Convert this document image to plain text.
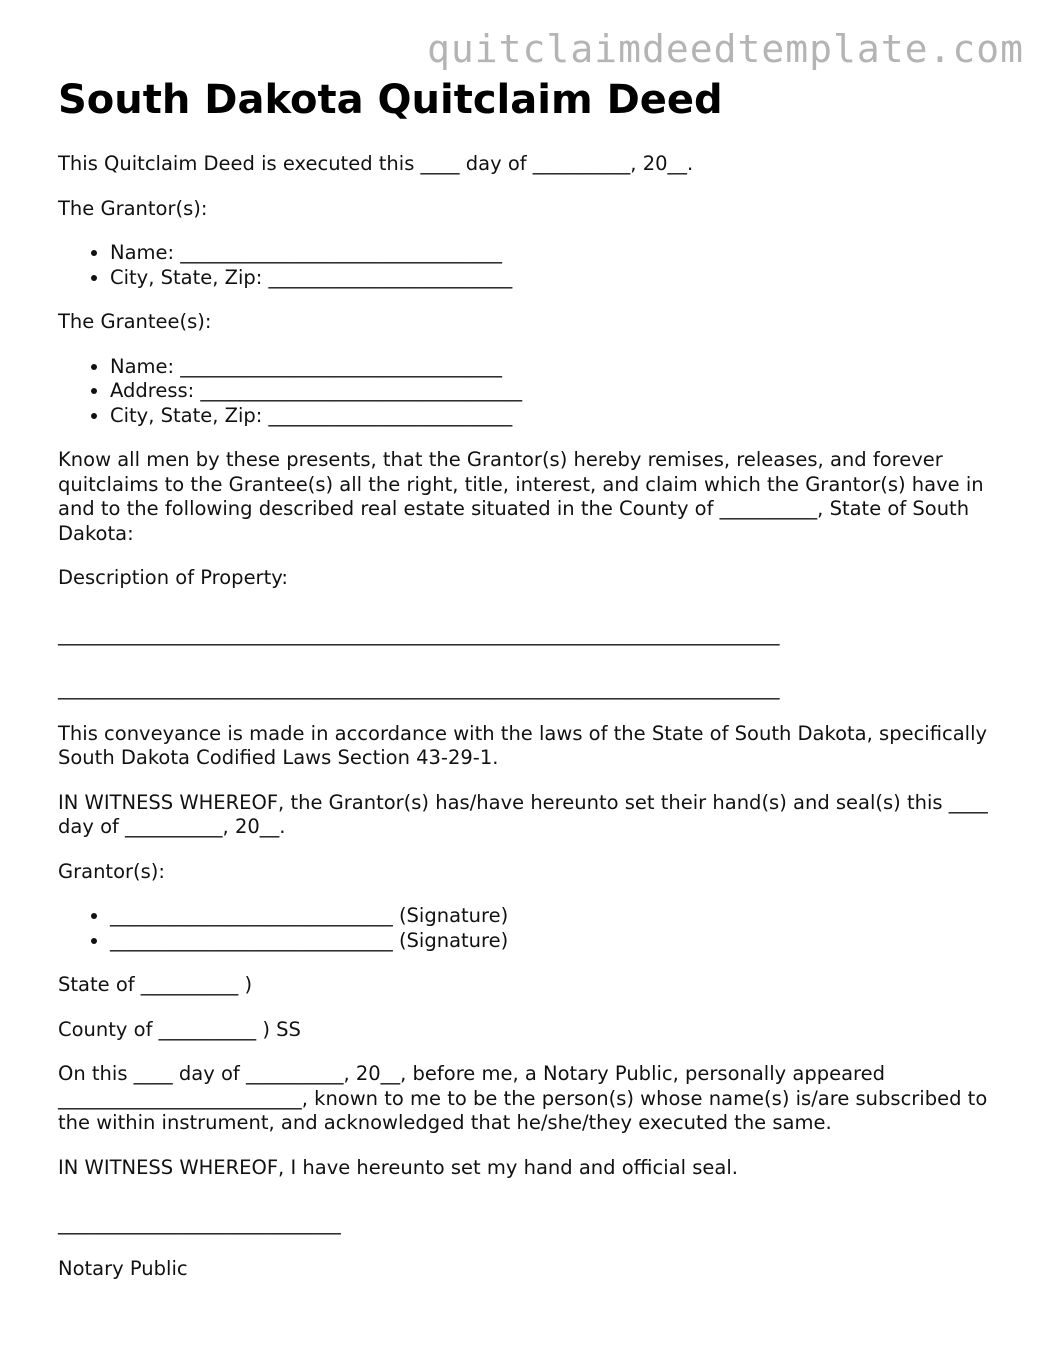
quitclaimdeedtemplate.com
South Dakota Quitclaim Deed

This Quitclaim Deed is executed this ____ day of __________, 20__.

The Grantor(s):

• Name: _________________________________
• City, State, Zip: _________________________

The Grantee(s):

• Name: _________________________________
• Address: _________________________________
• City, State, Zip: _________________________

Know all men by these presents, that the Grantor(s) hereby remises, releases, and forever quitclaims to the Grantee(s) all the right, title, interest, and claim which the Grantor(s) have in and to the following described real estate situated in the County of __________, State of South Dakota:

Description of Property:

__________________________________________________________________________

__________________________________________________________________________

This conveyance is made in accordance with the laws of the State of South Dakota, specifically South Dakota Codified Laws Section 43-29-1.

IN WITNESS WHEREOF, the Grantor(s) has/have hereunto set their hand(s) and seal(s) this ____ day of __________, 20__.

Grantor(s):

• _____________________________ (Signature)
• _____________________________ (Signature)

State of __________ )

County of __________ ) SS

On this ____ day of __________, 20__, before me, a Notary Public, personally appeared _________________________, known to me to be the person(s) whose name(s) is/are subscribed to the within instrument, and acknowledged that he/she/they executed the same.

IN WITNESS WHEREOF, I have hereunto set my hand and official seal.

_____________________________

Notary Public
